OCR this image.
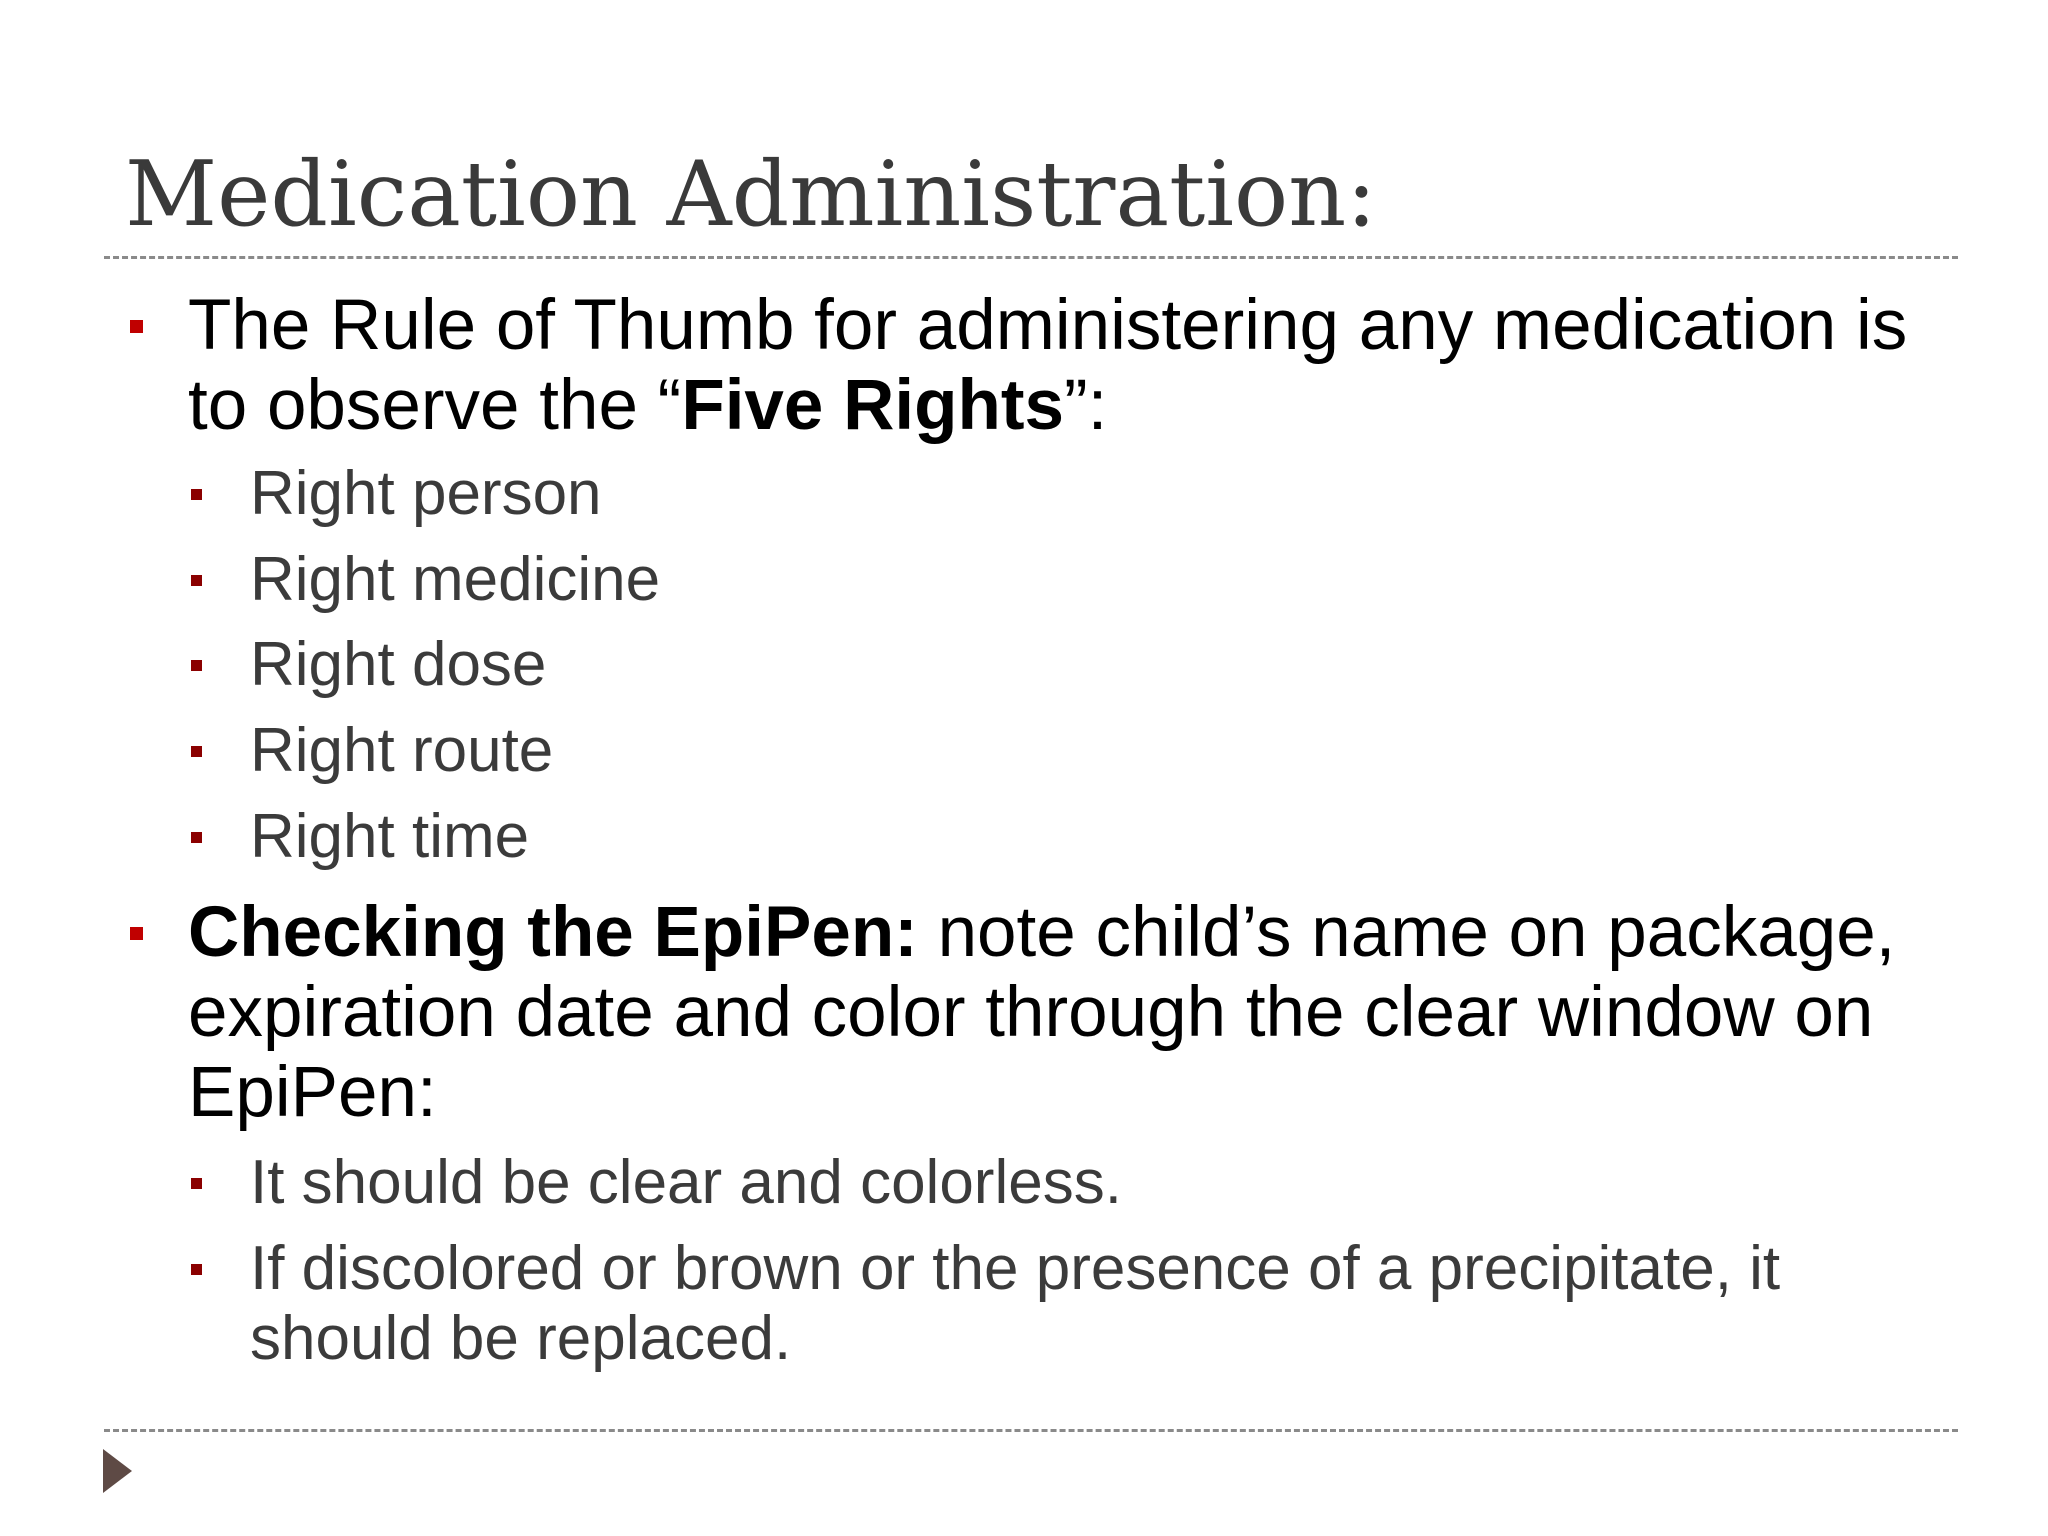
Medication Administration:
The Rule of Thumb for administering any medication is to observe the “Five Rights”:
Right person
Right medicine
Right dose
Right route
Right time
Checking the EpiPen: note child’s name on package, expiration date and color through the clear window on EpiPen:
It should be clear and colorless.
If discolored or brown or the presence of a precipitate, it should be replaced.
